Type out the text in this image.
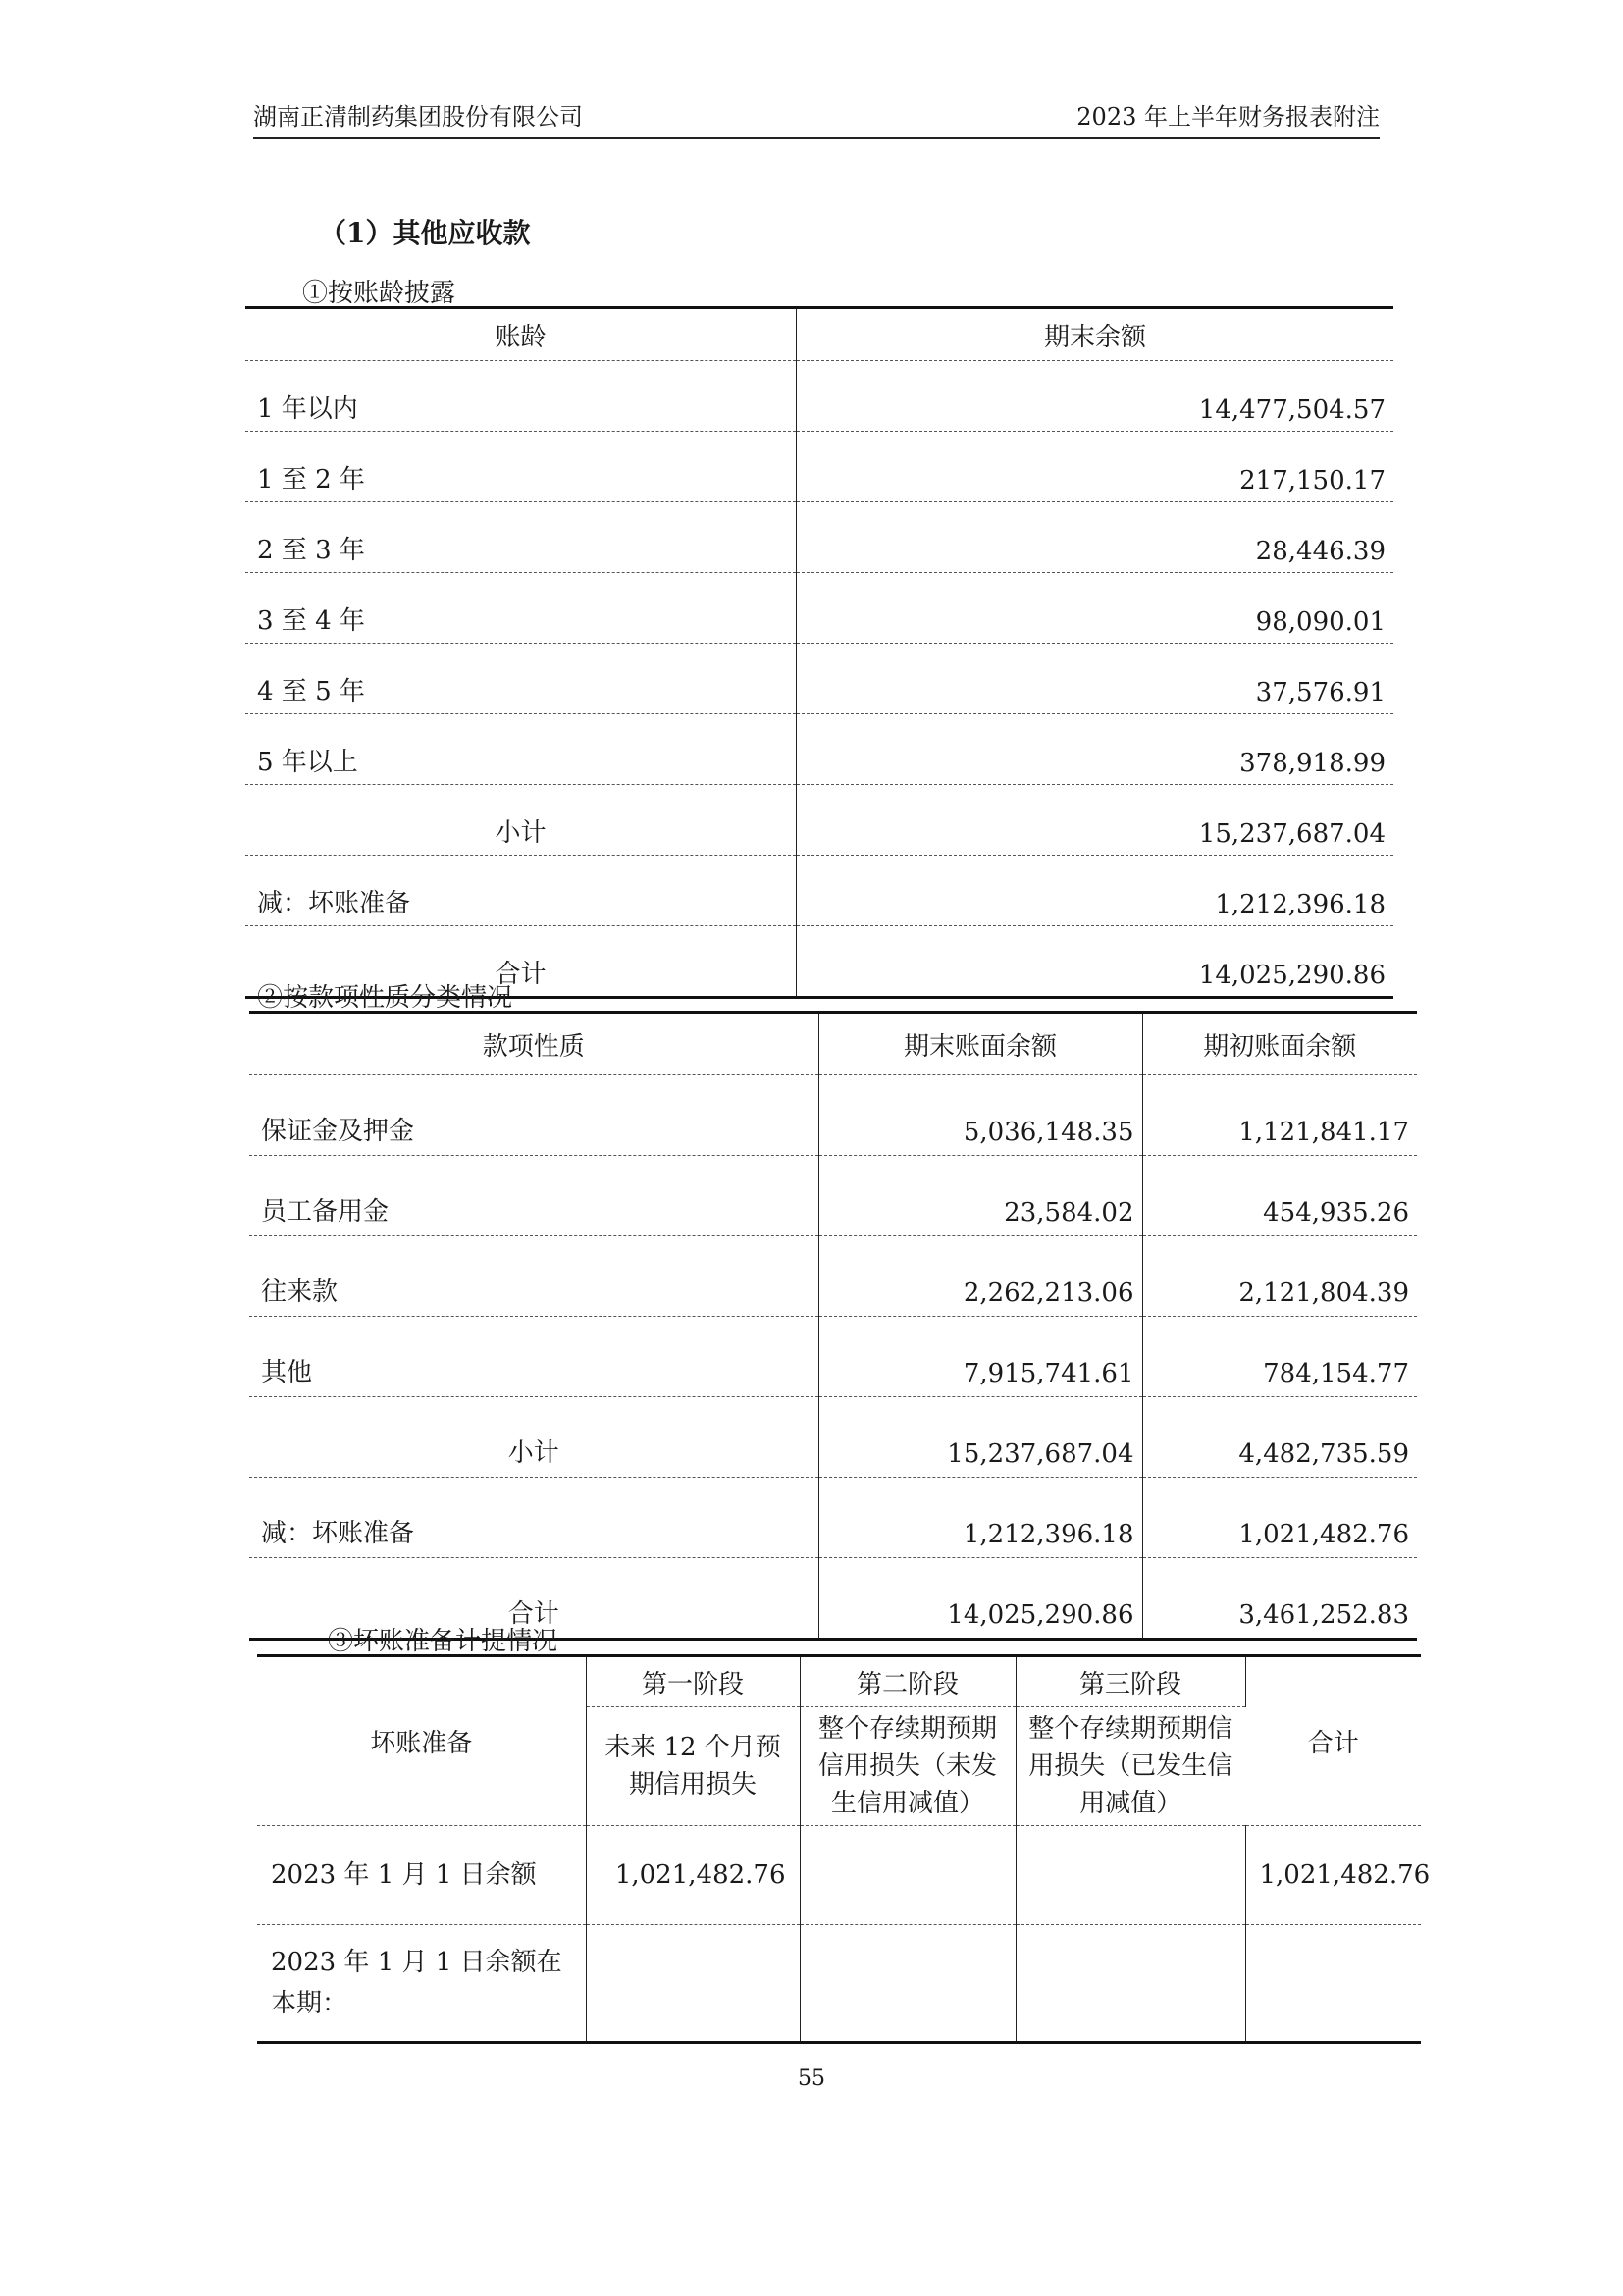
湖南正清制药集团股份有限公司	2023 年上半年财务报表附注
（1）其他应收款
①按账龄披露
账龄	期末余额
1 年以内	14,477,504.57
1 至 2 年	217,150.17
2 至 3 年	28,446.39
3 至 4 年	98,090.01
4 至 5 年	37,576.91
5 年以上	378,918.99
小计	15,237,687.04
减：坏账准备	1,212,396.18
合计	14,025,290.86
②按款项性质分类情况
款项性质	期末账面余额	期初账面余额
保证金及押金	5,036,148.35	1,121,841.17
员工备用金	23,584.02	454,935.26
往来款	2,262,213.06	2,121,804.39
其他	7,915,741.61	784,154.77
小计	15,237,687.04	4,482,735.59
减：坏账准备	1,212,396.18	1,021,482.76
合计	14,025,290.86	3,461,252.83
③坏账准备计提情况
坏账准备	第一阶段	第二阶段	第三阶段	合计
	未来 12 个月预期信用损失	整个存续期预期信用损失（未发生信用减值）	整个存续期预期信用损失（已发生信用减值）	
2023 年 1 月 1 日余额	1,021,482.76			1,021,482.76
2023 年 1 月 1 日余额在本期：				
55
